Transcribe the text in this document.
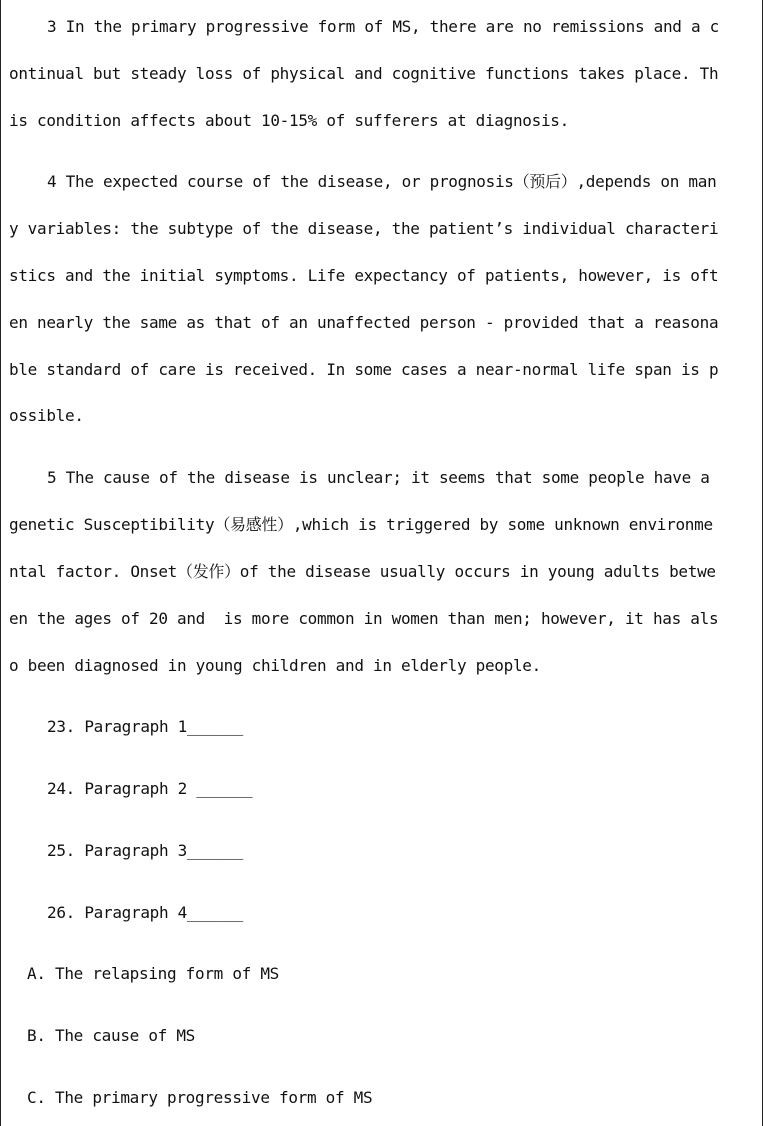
3 In the primary progressive form of MS, there are no remissions and a c
ontinual but steady loss of physical and cognitive functions takes place. Th
is condition affects about 10-15% of sufferers at diagnosis.
4 The expected course of the disease, or prognosis（预后）,depends on man
y variables: the subtype of the disease, the patient’s individual characteri
stics and the initial symptoms. Life expectancy of patients, however, is oft
en nearly the same as that of an unaffected person - provided that a reasona
ble standard of care is received. In some cases a near-normal life span is p
ossible.
5 The cause of the disease is unclear; it seems that some people have a
genetic Susceptibility（易感性）,which is triggered by some unknown environme
ntal factor. Onset（发作）of the disease usually occurs in young adults betwe
en the ages of 20 and  is more common in women than men; however, it has als
o been diagnosed in young children and in elderly people.
23. Paragraph 1______
24. Paragraph 2 ______
25. Paragraph 3______
26. Paragraph 4______
A. The relapsing form of MS
B. The cause of MS
C. The primary progressive form of MS
